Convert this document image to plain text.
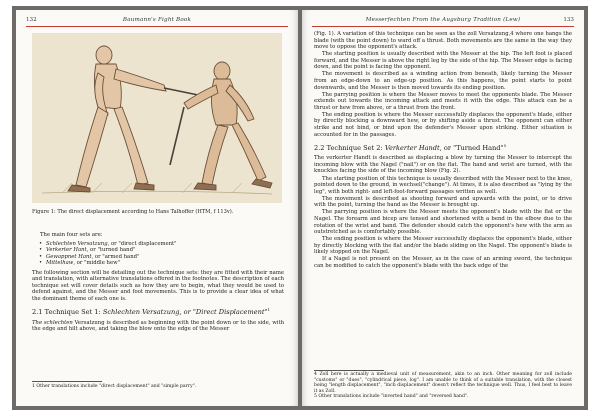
132	Baumann's Fight Book
Figure 1: The direct displacement according to Hans Talhoffer (HTM, f 113v).

The main four sets are:

• Schlechten Versatzung, or "direct displacement"
• Verkerter Hant, or "turned hand"
• Gewappnet Hant, or "armed hand"
• Mittelhaw, or "middle hew"

The following section will be detailing out the technique sets: they are fitted with their name and translation, with alternative translations offered in the footnotes. The description of each technique set will cover details such as how they are to begin, what they would be used to defend against, and the Messer and foot movements. This is to provide a clear idea of what the dominant theme of each one is.

2.1 Technique Set 1: Schlechten Versatzung, or "Direct Displacement"$^1$

The schlechten Versatzung is described as beginning with the point down or to the side, with the edge and hilt above, and taking the blow onto the edge of the Messer

1 Other translations include "direct displacement" and "simple parry".

Messerfechten From the Augsburg Tradition (Lew)	133

(Fig. 1). A variation of this technique can be seen as the zoll Versatzung,4 where one hangs the blade (with the point down) to ward off a thrust. Both movements are the same in the way they move to oppose the opponent's attack.

The starting position is usually described with the Messer at the hip. The left foot is placed forward, and the Messer is above the right leg by the side of the hip. The Messer edge is facing down, and the point is facing the opponent.

The movement is described as a winding action from beneath, likely turning the Messer from an edge-down to an edge-up position. As this happens, the point starts to point downwards, and the Messer is then moved towards its ending position.

The parrying position is where the Messer moves to meet the opponents blade. The Messer extends out towards the incoming attack and meets it with the edge. This attack can be a thrust or hew from above, or a thrust from the front.

The ending position is where the Messer successfully displaces the opponent's blade, either by directly blocking a downward hew, or by shifting aside a thrust. The opponent can either strike and not bind, or bind upon the defender's Messer upon striking. Either situation is accounted for in the passages.

2.2 Technique Set 2: Verkerter Handt, or "Turned Hand"$^5$

The verkerter Handt is described as displacing a blow by turning the Messer to intercept the incoming blow with the Nagel ("nail") or on the flat. The hand and wrist are turned, with the knuckles facing the side of the incoming blow (Fig. 2).

The starting position of this technique is usually described with the Messer next to the knee, pointed down to the ground, in wechsel("change"). At times, it is also described as "lying by the leg", with both right- and left-foot-forward passages written as well.

The movement is described as shooting forward and upwards with the point, or to drive with the point, turning the hand as the Messer is brought up.

The parrying position is where the Messer meets the opponent's blade with the flat or the Nagel. The forearm and bicep are tensed and shortened with a bend in the elbow due to the rotation of the wrist and hand. The defender should catch the opponent's hew with the arm as outstretched as is comfortably possible.

The ending position is where the Messer successfully displaces the opponent's blade, either by directly blocking with the flat and/or the blade sliding on the Nagel. The opponent's blade is likely stopped on the Nagel.

If a Nagel is not present on the Messer, as in the case of an arming sword, the technique can be modified to catch the opponent's blade with the back edge of the

4 Zoll here is actually a medieval unit of measurement, akin to an inch. Other meaning for zoll include "customs" or "dues", "cylindrical piece, log". I am unable to think of a suitable translation, with the closest being "length displacement", "inch displacement" doesn't reflect the technique well. Thus, I feel best to leave it as Zoll.

5 Other translations include "inverted hand" and "reversed hand".
